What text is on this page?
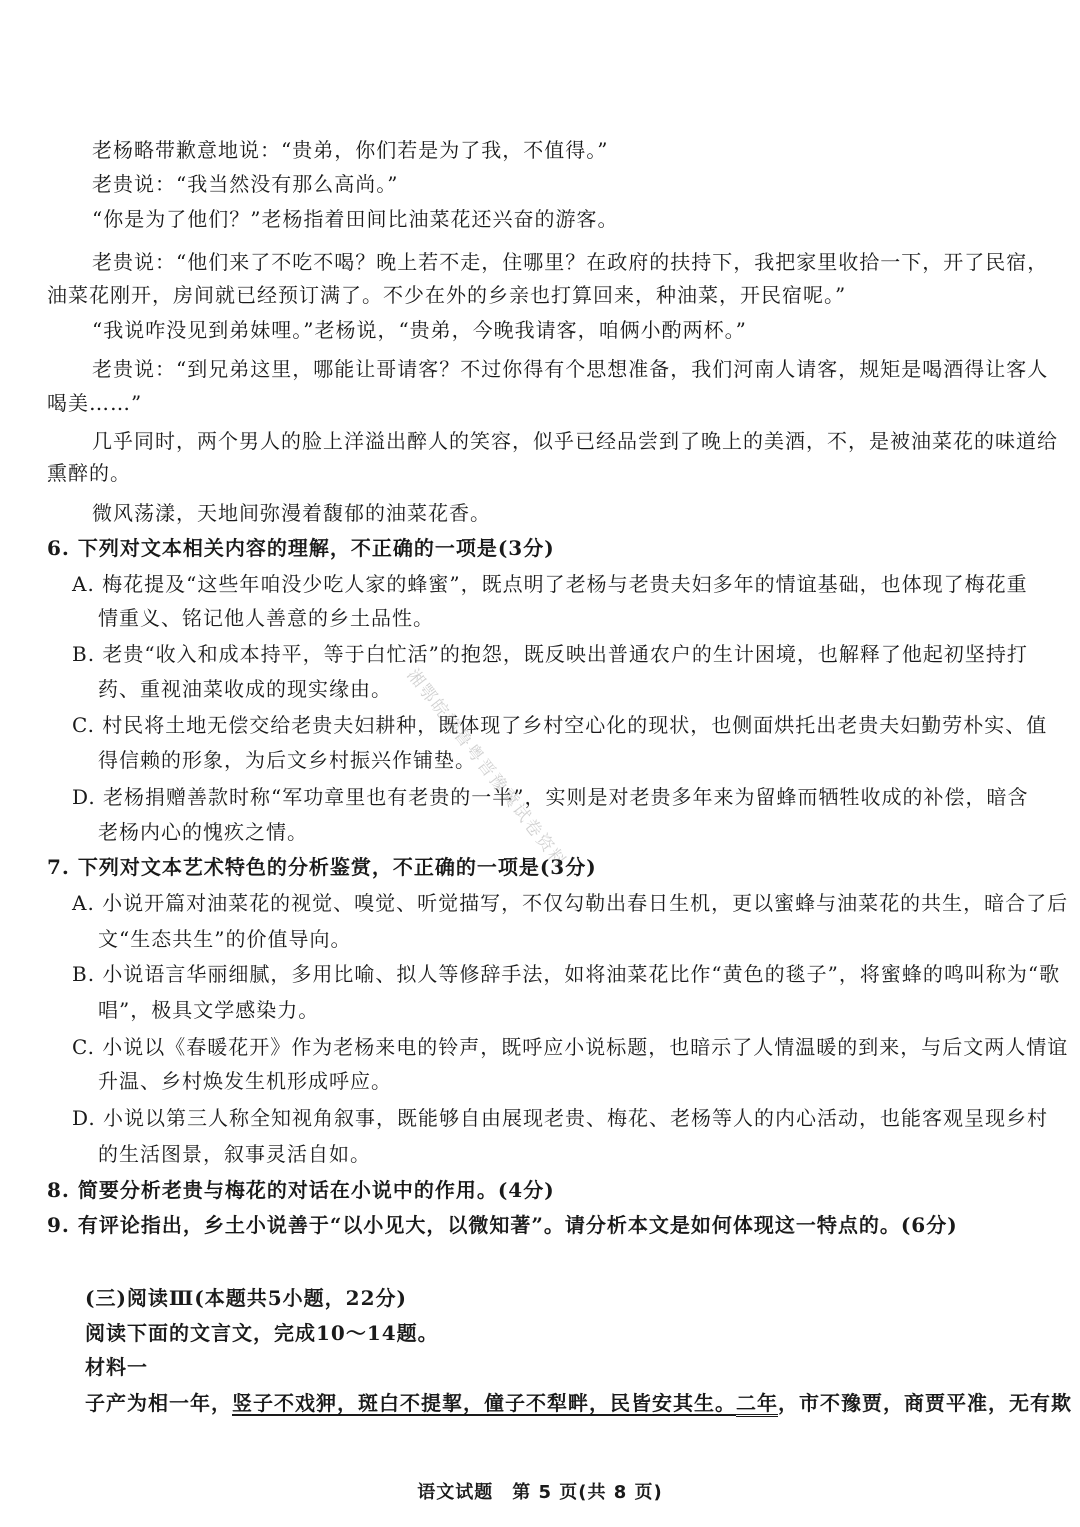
老杨略带歉意地说：“贵弟，你们若是为了我，不值得。”
老贵说：“我当然没有那么高尚。”
“你是为了他们？”老杨指着田间比油菜花还兴奋的游客。
老贵说：“他们来了不吃不喝？晚上若不走，住哪里？在政府的扶持下，我把家里收拾一下，开了民宿，
油菜花刚开，房间就已经预订满了。不少在外的乡亲也打算回来，种油菜，开民宿呢。”
“我说咋没见到弟妹哩。”老杨说，“贵弟，今晚我请客，咱俩小酌两杯。”
老贵说：“到兄弟这里，哪能让哥请客？不过你得有个思想准备，我们河南人请客，规矩是喝酒得让客人
喝美……”
几乎同时，两个男人的脸上洋溢出醉人的笑容，似乎已经品尝到了晚上的美酒，不，是被油菜花的味道给
熏醉的。
微风荡漾，天地间弥漫着馥郁的油菜花香。
6. 下列对文本相关内容的理解，不正确的一项是(3分)
A. 梅花提及“这些年咱没少吃人家的蜂蜜”，既点明了老杨与老贵夫妇多年的情谊基础，也体现了梅花重
情重义、铭记他人善意的乡土品性。
B. 老贵“收入和成本持平，等于白忙活”的抱怨，既反映出普通农户的生计困境，也解释了他起初坚持打
药、重视油菜收成的现实缘由。
C. 村民将土地无偿交给老贵夫妇耕种，既体现了乡村空心化的现状，也侧面烘托出老贵夫妇勤劳朴实、值
得信赖的形象，为后文乡村振兴作铺垫。
D. 老杨捐赠善款时称“军功章里也有老贵的一半”，实则是对老贵多年来为留蜂而牺牲收成的补偿，暗含
老杨内心的愧疚之情。
7. 下列对文本艺术特色的分析鉴赏，不正确的一项是(3分)
A. 小说开篇对油菜花的视觉、嗅觉、听觉描写，不仅勾勒出春日生机，更以蜜蜂与油菜花的共生，暗合了后
文“生态共生”的价值导向。
B. 小说语言华丽细腻，多用比喻、拟人等修辞手法，如将油菜花比作“黄色的毯子”，将蜜蜂的鸣叫称为“歌
唱”，极具文学感染力。
C. 小说以《春暖花开》作为老杨来电的铃声，既呼应小说标题，也暗示了人情温暖的到来，与后文两人情谊
升温、乡村焕发生机形成呼应。
D. 小说以第三人称全知视角叙事，既能够自由展现老贵、梅花、老杨等人的内心活动，也能客观呈现乡村
的生活图景，叙事灵活自如。
8. 简要分析老贵与梅花的对话在小说中的作用。(4分)
9. 有评论指出，乡土小说善于“以小见大，以微知著”。请分析本文是如何体现这一特点的。(6分)
(三)阅读Ⅲ(本题共5小题，22分)
阅读下面的文言文，完成10～14题。
材料一
子产为相一年，竖子不戏狎，斑白不提挈，僮子不犁畔，民皆安其生。二年，市不豫贾，商贾平准，无有欺
湘鄂皖赣鲁粤晋豫冀试卷资料
语文试题　第 5 页(共 8 页)
